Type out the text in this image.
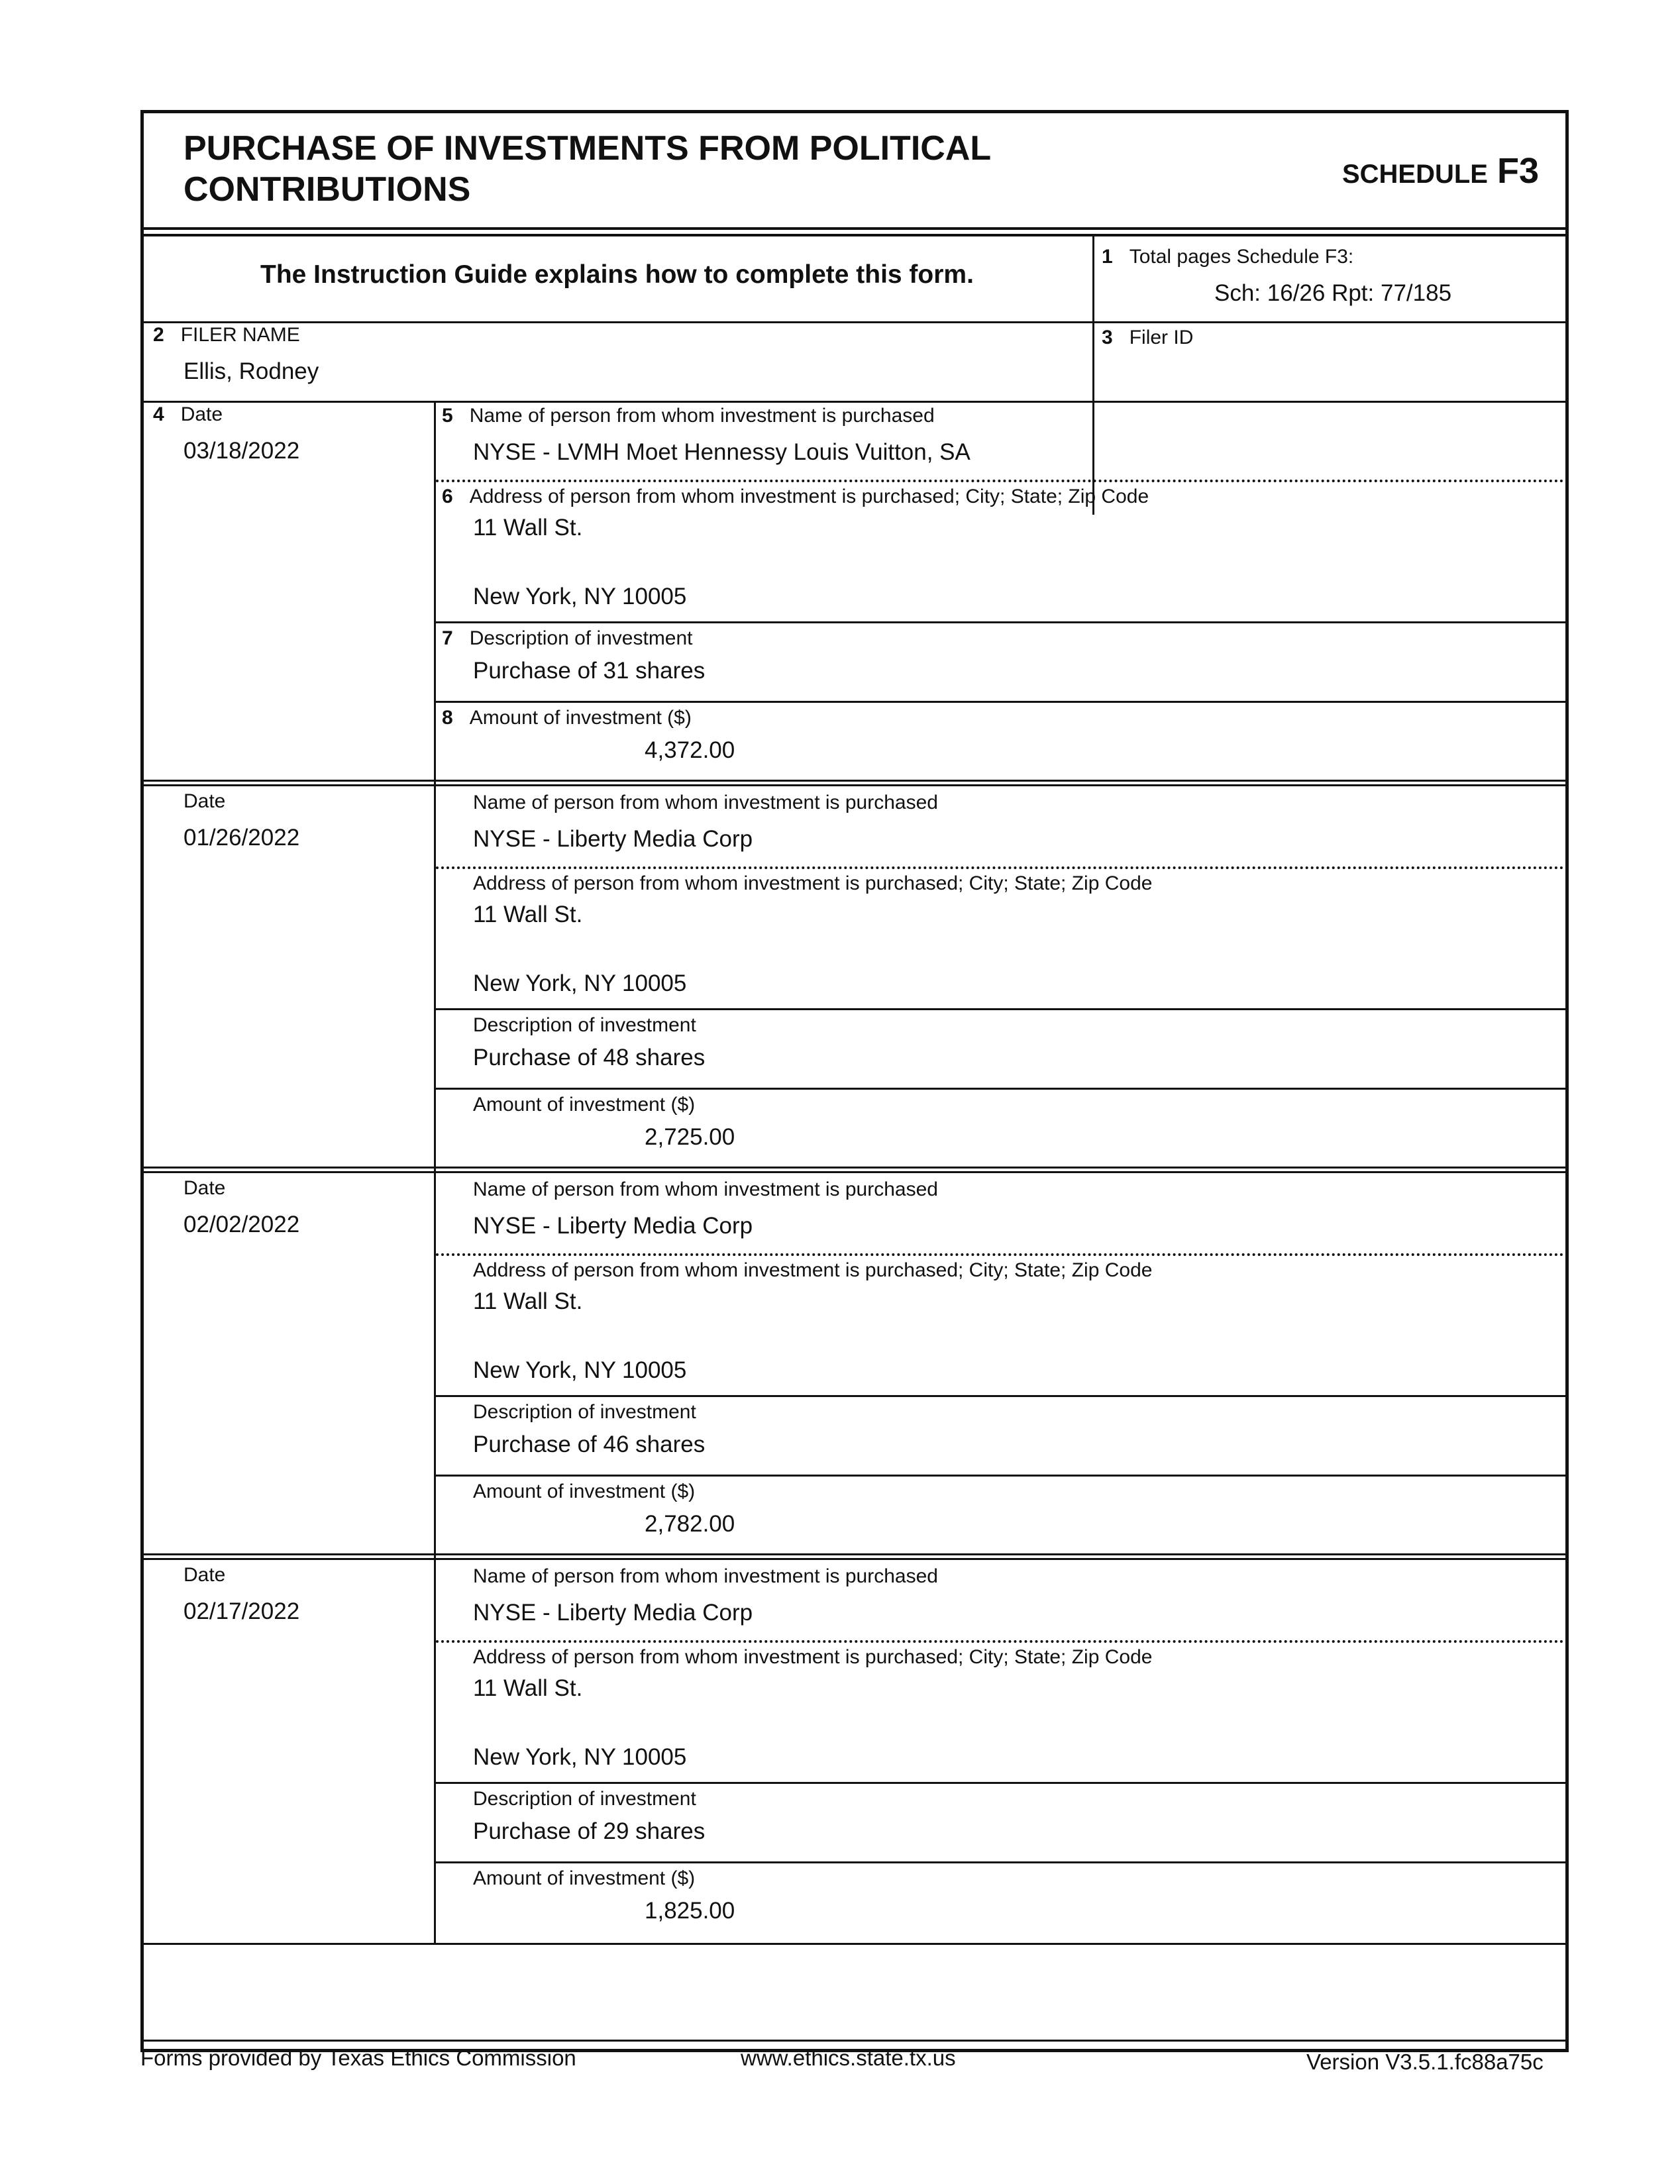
PURCHASE OF INVESTMENTS FROM POLITICAL
CONTRIBUTIONS	SCHEDULE F3
The Instruction Guide explains how to complete this form.
1 Total pages Schedule F3:
Sch: 16/26 Rpt: 77/185
2 FILER NAME
Ellis, Rodney
3 Filer ID
4 Date
03/18/2022
5 Name of person from whom investment is purchased
NYSE - LVMH Moet Hennessy Louis Vuitton, SA
6 Address of person from whom investment is purchased; City; State; Zip Code
11 Wall St.
New York, NY 10005
7 Description of investment
Purchase of 31 shares
8 Amount of investment ($)
4,372.00
Date
01/26/2022
Name of person from whom investment is purchased
NYSE - Liberty Media Corp
Address of person from whom investment is purchased; City; State; Zip Code
11 Wall St.
New York, NY 10005
Description of investment
Purchase of 48 shares
Amount of investment ($)
2,725.00
Date
02/02/2022
Name of person from whom investment is purchased
NYSE - Liberty Media Corp
Address of person from whom investment is purchased; City; State; Zip Code
11 Wall St.
New York, NY 10005
Description of investment
Purchase of 46 shares
Amount of investment ($)
2,782.00
Date
02/17/2022
Name of person from whom investment is purchased
NYSE - Liberty Media Corp
Address of person from whom investment is purchased; City; State; Zip Code
11 Wall St.
New York, NY 10005
Description of investment
Purchase of 29 shares
Amount of investment ($)
1,825.00
Forms provided by Texas Ethics Commission	www.ethics.state.tx.us	Version V3.5.1.fc88a75c
